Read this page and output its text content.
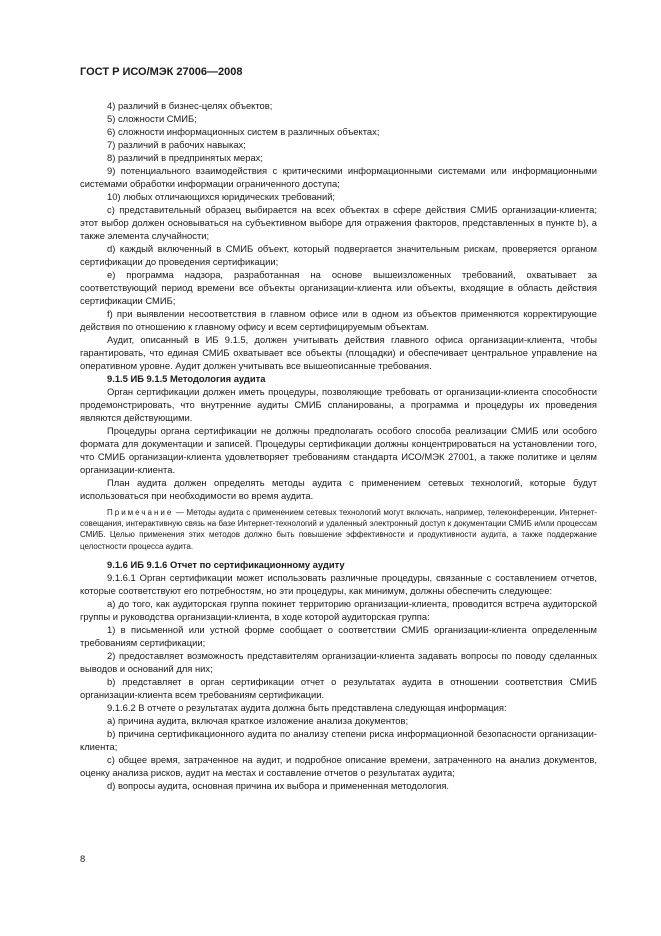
ГОСТ Р ИСО/МЭК 27006—2008

4) различий в бизнес-целях объектов;

5) сложности СМИБ;

6) сложности информационных систем в различных объектах;

7) различий в рабочих навыках;

8) различий в предпринятых мерах;

9) потенциального взаимодействия с критическими информационными системами или информационными системами обработки информации ограниченного доступа;

10) любых отличающихся юридических требований;

c) представительный образец выбирается на всех объектах в сфере действия СМИБ организации-клиента; этот выбор должен основываться на субъективном выборе для отражения факторов, представленных в пункте b), а также элемента случайности;

d) каждый включенный в СМИБ объект, который подвергается значительным рискам, проверяется органом сертификации до проведения сертификации;

e) программа надзора, разработанная на основе вышеизложенных требований, охватывает за соответствующий период времени все объекты организации-клиента или объекты, входящие в область действия сертификации СМИБ;

f) при выявлении несоответствия в главном офисе или в одном из объектов применяются корректирующие действия по отношению к главному офису и всем сертифицируемым объектам.

Аудит, описанный в ИБ 9.1.5, должен учитывать действия главного офиса организации-клиента, чтобы гарантировать, что единая СМИБ охватывает все объекты (площадки) и обеспечивает центральное управление на оперативном уровне. Аудит должен учитывать все вышеописанные требования.

9.1.5 ИБ 9.1.5 Методология аудита

Орган сертификации должен иметь процедуры, позволяющие требовать от организации-клиента способности продемонстрировать, что внутренние аудиты СМИБ спланированы, а программа и процедуры их проведения являются действующими.

Процедуры органа сертификации не должны предполагать особого способа реализации СМИБ или особого формата для документации и записей. Процедуры сертификации должны концентрироваться на установлении того, что СМИБ организации-клиента удовлетворяет требованиям стандарта ИСО/МЭК 27001, а также политике и целям организации-клиента.

План аудита должен определять методы аудита с применением сетевых технологий, которые будут использоваться при необходимости во время аудита.

Примечание — Методы аудита с применением сетевых технологий могут включать, например, телеконференции, Интернет-совещания, интерактивную связь на базе Интернет-технологий и удаленный электронный доступ к документации СМИБ и/или процессам СМИБ. Целью применения этих методов должно быть повышение эффективности и продуктивности аудита, а также поддержание целостности процесса аудита.

9.1.6 ИБ 9.1.6 Отчет по сертификационному аудиту

9.1.6.1 Орган сертификации может использовать различные процедуры, связанные с составлением отчетов, которые соответствуют его потребностям, но эти процедуры, как минимум, должны обеспечить следующее:

a) до того, как аудиторская группа покинет территорию организации-клиента, проводится встреча аудиторской группы и руководства организации-клиента, в ходе которой аудиторская группа:

1) в письменной или устной форме сообщает о соответствии СМИБ организации-клиента определенным требованиям сертификации;

2) предоставляет возможность представителям организации-клиента задавать вопросы по поводу сделанных выводов и оснований для них;

b) представляет в орган сертификации отчет о результатах аудита в отношении соответствия СМИБ организации-клиента всем требованиям сертификации.

9.1.6.2 В отчете о результатах аудита должна быть представлена следующая информация:

a) причина аудита, включая краткое изложение анализа документов;

b) причина сертификационного аудита по анализу степени риска информационной безопасности организации-клиента;

c) общее время, затраченное на аудит, и подробное описание времени, затраченного на анализ документов, оценку анализа рисков, аудит на местах и составление отчетов о результатах аудита;

d) вопросы аудита, основная причина их выбора и примененная методология.

8
